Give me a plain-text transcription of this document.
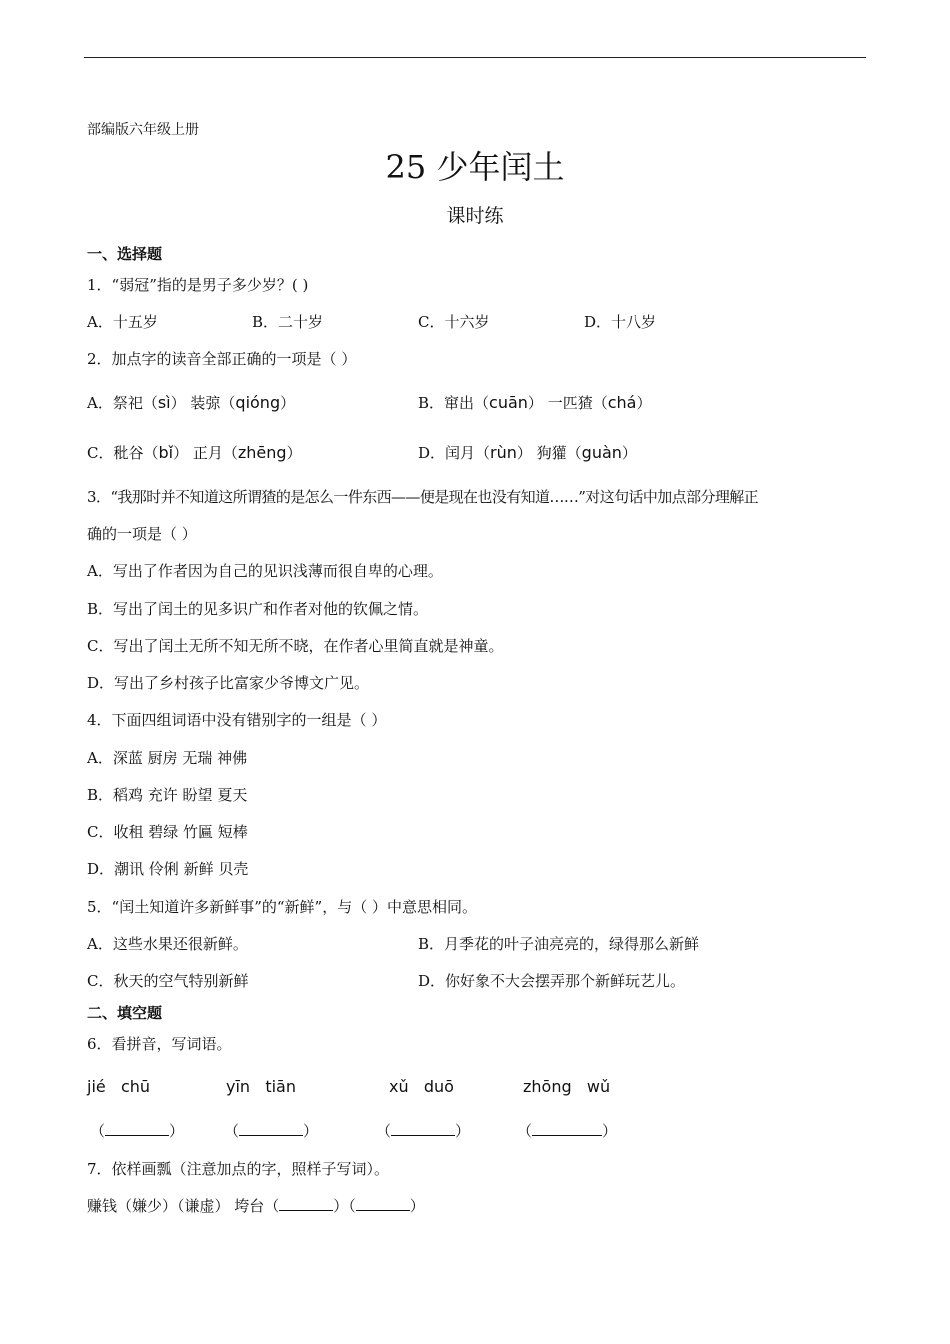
部编版六年级上册
25 少年闰土
课时练
一、选择题
1．“弱冠”指的是男子多少岁？( )
A．十五岁	B．二十岁	C．十六岁	D．十八岁
2．加点字的读音全部正确的一项是（ ）
A．祭祀（sì） 装弶（qióng）	B．窜出（cuān） 一匹猹（chá）
C．秕谷（bǐ） 正月（zhēng）	D．闰月（rùn） 狗獾（guàn）
3．“我那时并不知道这所谓猹的是怎么一件东西——便是现在也没有知道……”对这句话中加点部分理解正
确的一项是（ ）
A．写出了作者因为自己的见识浅薄而很自卑的心理。
B．写出了闰土的见多识广和作者对他的钦佩之情。
C．写出了闰土无所不知无所不晓，在作者心里简直就是神童。
D．写出了乡村孩子比富家少爷博文广见。
4．下面四组词语中没有错别字的一组是（ ）
A．深蓝 厨房 无瑞 神佛
B．稻鸡 充许 盼望 夏天
C．收租 碧绿 竹匾 短棒
D．潮讯 伶俐 新鲜 贝壳
5．“闰土知道许多新鲜事”的“新鲜”，与（ ）中意思相同。
A．这些水果还很新鲜。	B．月季花的叶子油亮亮的，绿得那么新鲜
C．秋天的空气特别新鲜	D．你好象不大会摆弄那个新鲜玩艺儿。
二、填空题
6．看拼音，写词语。
jié   chū	yīn   tiān	xǔ   duō	zhōng   wǔ
（	）	（	）	（	）	（	）
7．依样画瓢（注意加点的字，照样子写词）。
赚钱（嫌少）（谦虚） 垮台（	）（	）
